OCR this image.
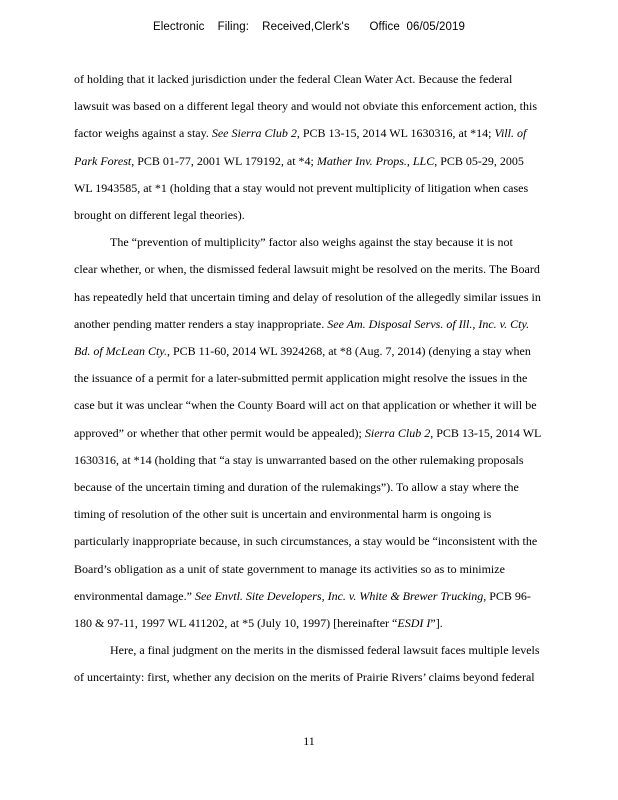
Electronic    Filing:    Received,Clerk's      Office  06/05/2019
of holding that it lacked jurisdiction under the federal Clean Water Act. Because the federal
lawsuit was based on a different legal theory and would not obviate this enforcement action, this
factor weighs against a stay. See Sierra Club 2, PCB 13-15, 2014 WL 1630316, at *14; Vill. of
Park Forest, PCB 01-77, 2001 WL 179192, at *4; Mather Inv. Props., LLC, PCB 05-29, 2005
WL 1943585, at *1 (holding that a stay would not prevent multiplicity of litigation when cases
brought on different legal theories).
The “prevention of multiplicity” factor also weighs against the stay because it is not
clear whether, or when, the dismissed federal lawsuit might be resolved on the merits. The Board
has repeatedly held that uncertain timing and delay of resolution of the allegedly similar issues in
another pending matter renders a stay inappropriate. See Am. Disposal Servs. of Ill., Inc. v. Cty.
Bd. of McLean Cty., PCB 11-60, 2014 WL 3924268, at *8 (Aug. 7, 2014) (denying a stay when
the issuance of a permit for a later-submitted permit application might resolve the issues in the
case but it was unclear “when the County Board will act on that application or whether it will be
approved” or whether that other permit would be appealed); Sierra Club 2, PCB 13-15, 2014 WL
1630316, at *14 (holding that “a stay is unwarranted based on the other rulemaking proposals
because of the uncertain timing and duration of the rulemakings”). To allow a stay where the
timing of resolution of the other suit is uncertain and environmental harm is ongoing is
particularly inappropriate because, in such circumstances, a stay would be “inconsistent with the
Board’s obligation as a unit of state government to manage its activities so as to minimize
environmental damage.” See Envtl. Site Developers, Inc. v. White & Brewer Trucking, PCB 96-
180 & 97-11, 1997 WL 411202, at *5 (July 10, 1997) [hereinafter “ESDI I”].
Here, a final judgment on the merits in the dismissed federal lawsuit faces multiple levels
of uncertainty: first, whether any decision on the merits of Prairie Rivers’ claims beyond federal
11
